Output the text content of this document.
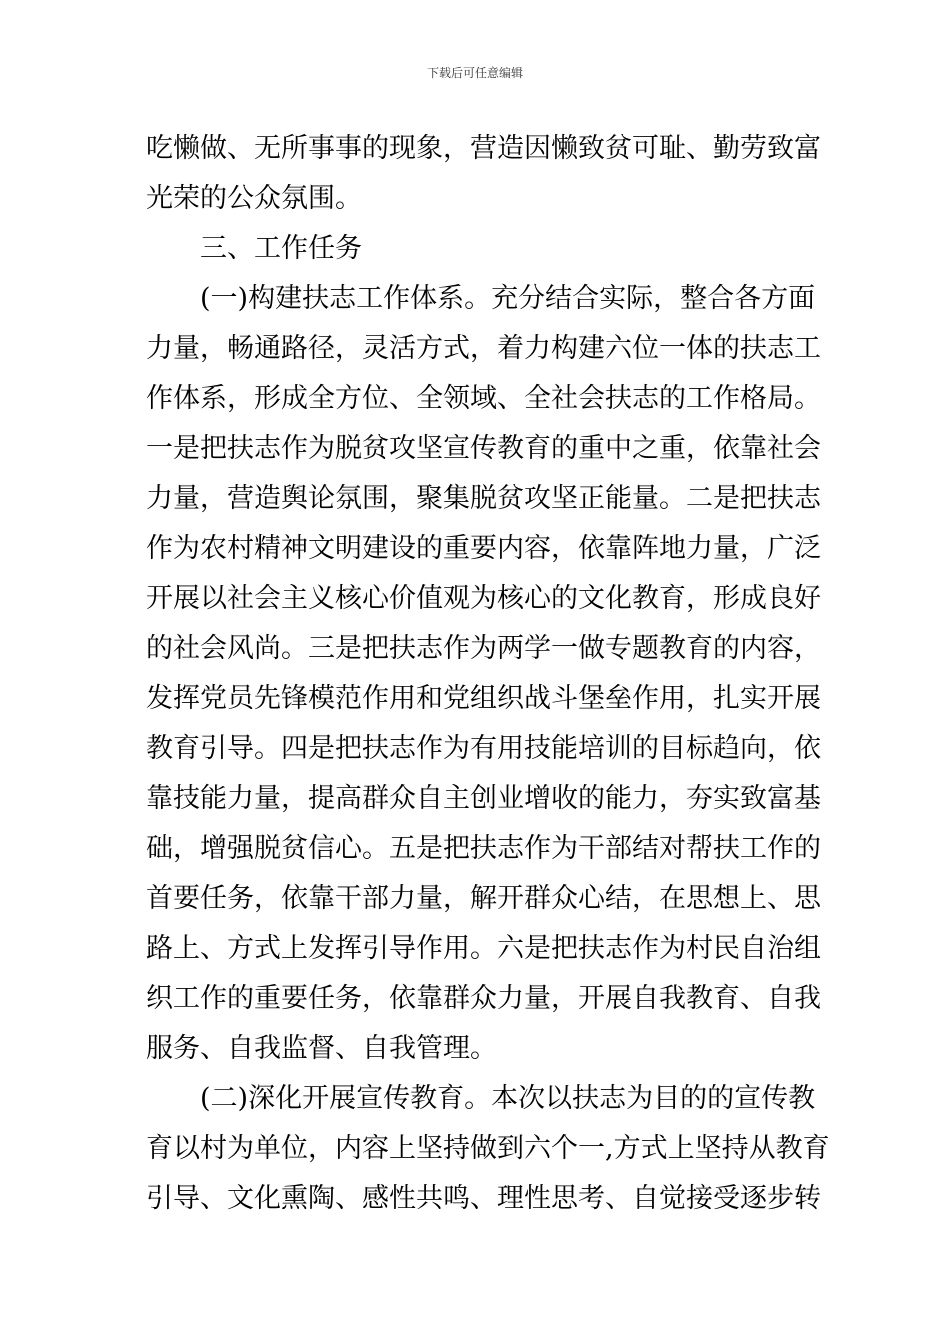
下载后可任意编辑
吃懒做、无所事事的现象，营造因懒致贫可耻、勤劳致富
光荣的公众氛围。
三、工作任务
(一)构建扶志工作体系。充分结合实际，整合各方面
力量，畅通路径，灵活方式，着力构建六位一体的扶志工
作体系，形成全方位、全领域、全社会扶志的工作格局。
一是把扶志作为脱贫攻坚宣传教育的重中之重，依靠社会
力量，营造舆论氛围，聚集脱贫攻坚正能量。二是把扶志
作为农村精神文明建设的重要内容，依靠阵地力量，广泛
开展以社会主义核心价值观为核心的文化教育，形成良好
的社会风尚。三是把扶志作为两学一做专题教育的内容，
发挥党员先锋模范作用和党组织战斗堡垒作用，扎实开展
教育引导。四是把扶志作为有用技能培训的目标趋向，依
靠技能力量，提高群众自主创业增收的能力，夯实致富基
础，增强脱贫信心。五是把扶志作为干部结对帮扶工作的
首要任务，依靠干部力量，解开群众心结，在思想上、思
路上、方式上发挥引导作用。六是把扶志作为村民自治组
织工作的重要任务，依靠群众力量，开展自我教育、自我
服务、自我监督、自我管理。
(二)深化开展宣传教育。本次以扶志为目的的宣传教
育以村为单位，内容上坚持做到六个一,方式上坚持从教育
引导、文化熏陶、感性共鸣、理性思考、自觉接受逐步转
